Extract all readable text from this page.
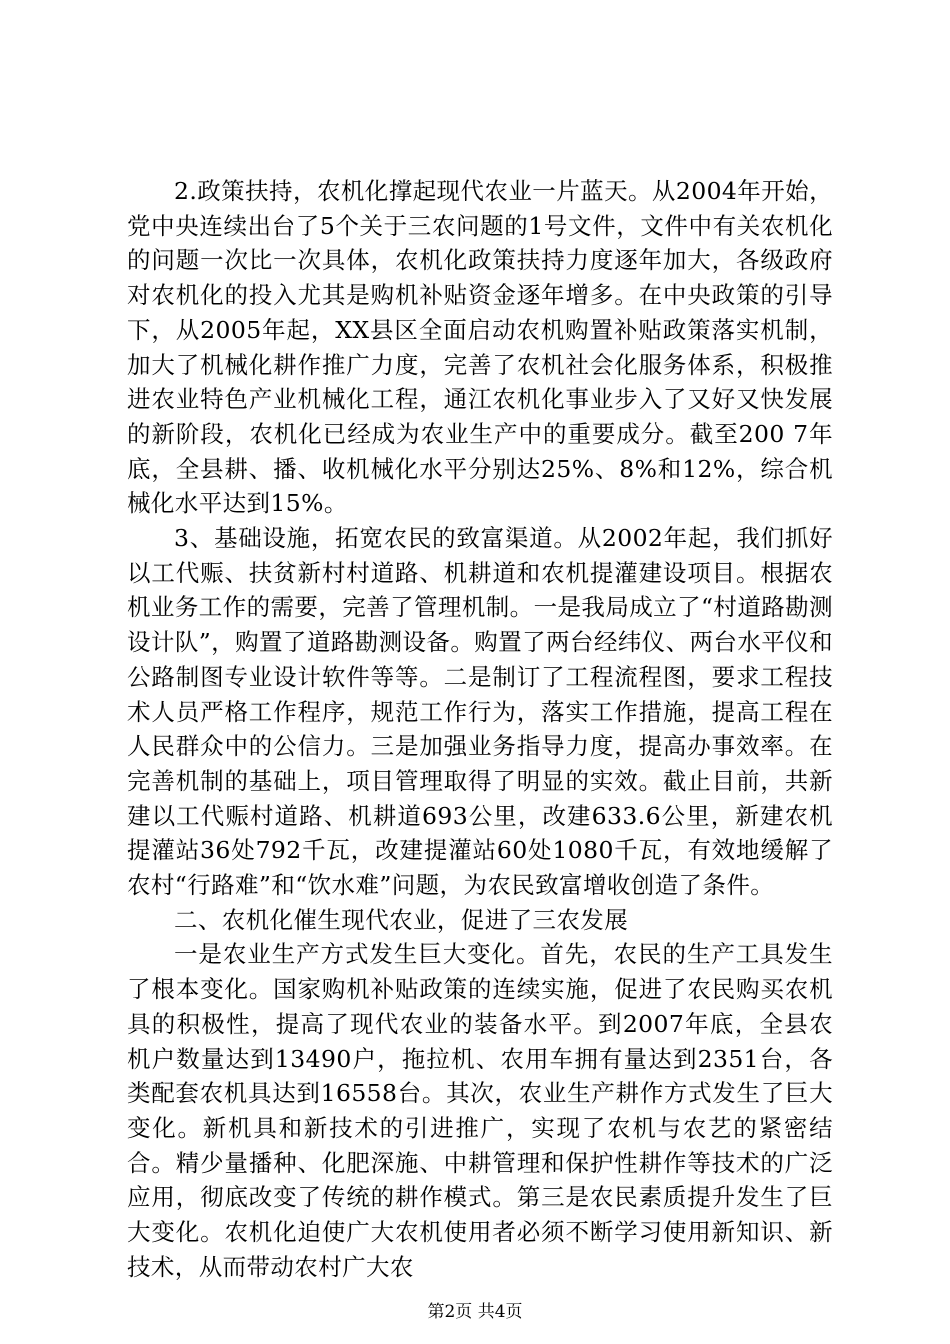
2.政策扶持，农机化撑起现代农业一片蓝天。从2004年开始，党中央连续出台了5个关于三农问题的1号文件，文件中有关农机化的问题一次比一次具体，农机化政策扶持力度逐年加大，各级政府对农机化的投入尤其是购机补贴资金逐年增多。在中央政策的引导下，从2005年起，XX县区全面启动农机购置补贴政策落实机制，加大了机械化耕作推广力度，完善了农机社会化服务体系，积极推进农业特色产业机械化工程，通江农机化事业步入了又好又快发展的新阶段，农机化已经成为农业生产中的重要成分。截至200 7年底，全县耕、播、收机械化水平分别达25%、8%和12%，综合机械化水平达到15%。

3、基础设施，拓宽农民的致富渠道。从2002年起，我们抓好以工代赈、扶贫新村村道路、机耕道和农机提灌建设项目。根据农机业务工作的需要，完善了管理机制。一是我局成立了“村道路勘测设计队”，购置了道路勘测设备。购置了两台经纬仪、两台水平仪和公路制图专业设计软件等等。二是制订了工程流程图，要求工程技术人员严格工作程序，规范工作行为，落实工作措施，提高工程在人民群众中的公信力。三是加强业务指导力度，提高办事效率。在完善机制的基础上，项目管理取得了明显的实效。截止目前，共新建以工代赈村道路、机耕道693公里，改建633.6公里，新建农机提灌站36处792千瓦，改建提灌站60处1080千瓦，有效地缓解了农村“行路难”和“饮水难”问题，为农民致富增收创造了条件。

二、农机化催生现代农业，促进了三农发展

一是农业生产方式发生巨大变化。首先，农民的生产工具发生了根本变化。国家购机补贴政策的连续实施，促进了农民购买农机具的积极性，提高了现代农业的装备水平。到2007年底，全县农机户数量达到13490户，拖拉机、农用车拥有量达到2351台，各类配套农机具达到16558台。其次，农业生产耕作方式发生了巨大变化。新机具和新技术的引进推广，实现了农机与农艺的紧密结合。精少量播种、化肥深施、中耕管理和保护性耕作等技术的广泛应用，彻底改变了传统的耕作模式。第三是农民素质提升发生了巨大变化。农机化迫使广大农机使用者必须不断学习使用新知识、新技术，从而带动农村广大农

第2页 共4页
